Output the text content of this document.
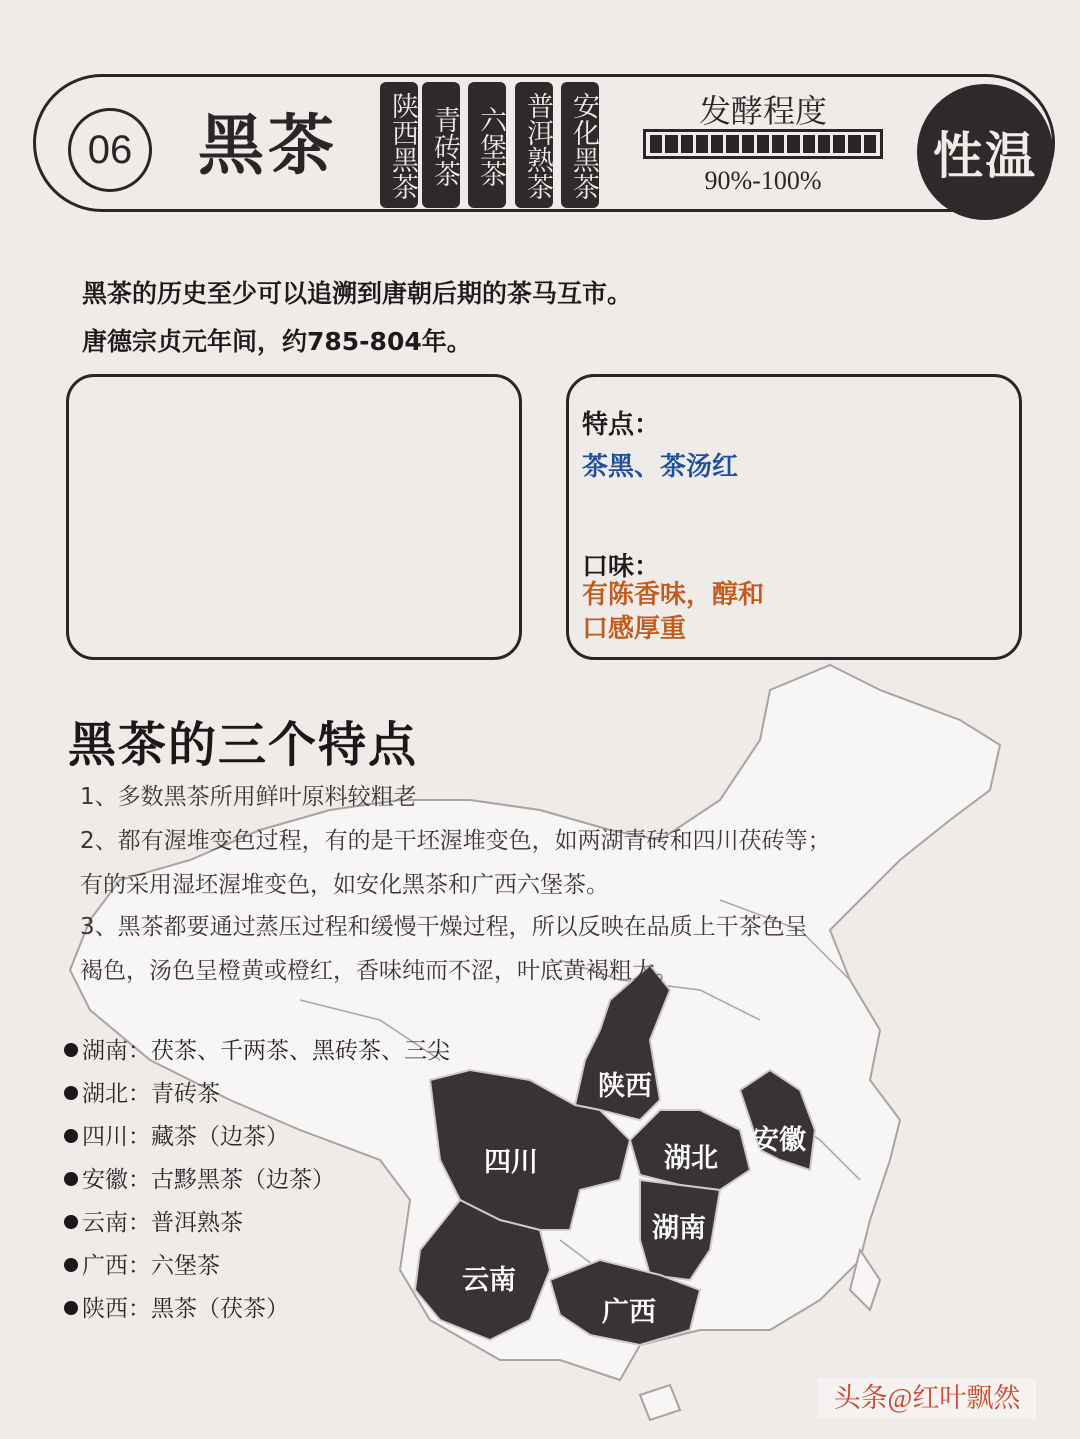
06 黑茶 陕西黑茶 青砖茶 六堡茶 普洱熟茶 安化黑茶	发酵程度
90%-100%	性温
黑茶的历史至少可以追溯到唐朝后期的茶马互市。
唐德宗贞元年间，约785-804年。
特点：
茶黑、茶汤红
口味：
有陈香味，醇和
口感厚重
黑茶的三个特点
1、多数黑茶所用鲜叶原料较粗老
2、都有渥堆变色过程，有的是干坯渥堆变色，如两湖青砖和四川茯砖等；
有的采用湿坯渥堆变色，如安化黑茶和广西六堡茶。
3、黑茶都要通过蒸压过程和缓慢干燥过程，所以反映在品质上干茶色呈
褐色，汤色呈橙黄或橙红，香味纯而不涩，叶底黄褐粗大。
湖南：茯茶、千两茶、黑砖茶、三尖
湖北：青砖茶
四川：藏茶（边茶）
安徽：古黟黑茶（边茶）
云南：普洱熟茶
广西：六堡茶
陕西：黑茶（茯茶）
陕西
四川	湖北
安徽
湖南
云南
广西
头条@红叶飘然
